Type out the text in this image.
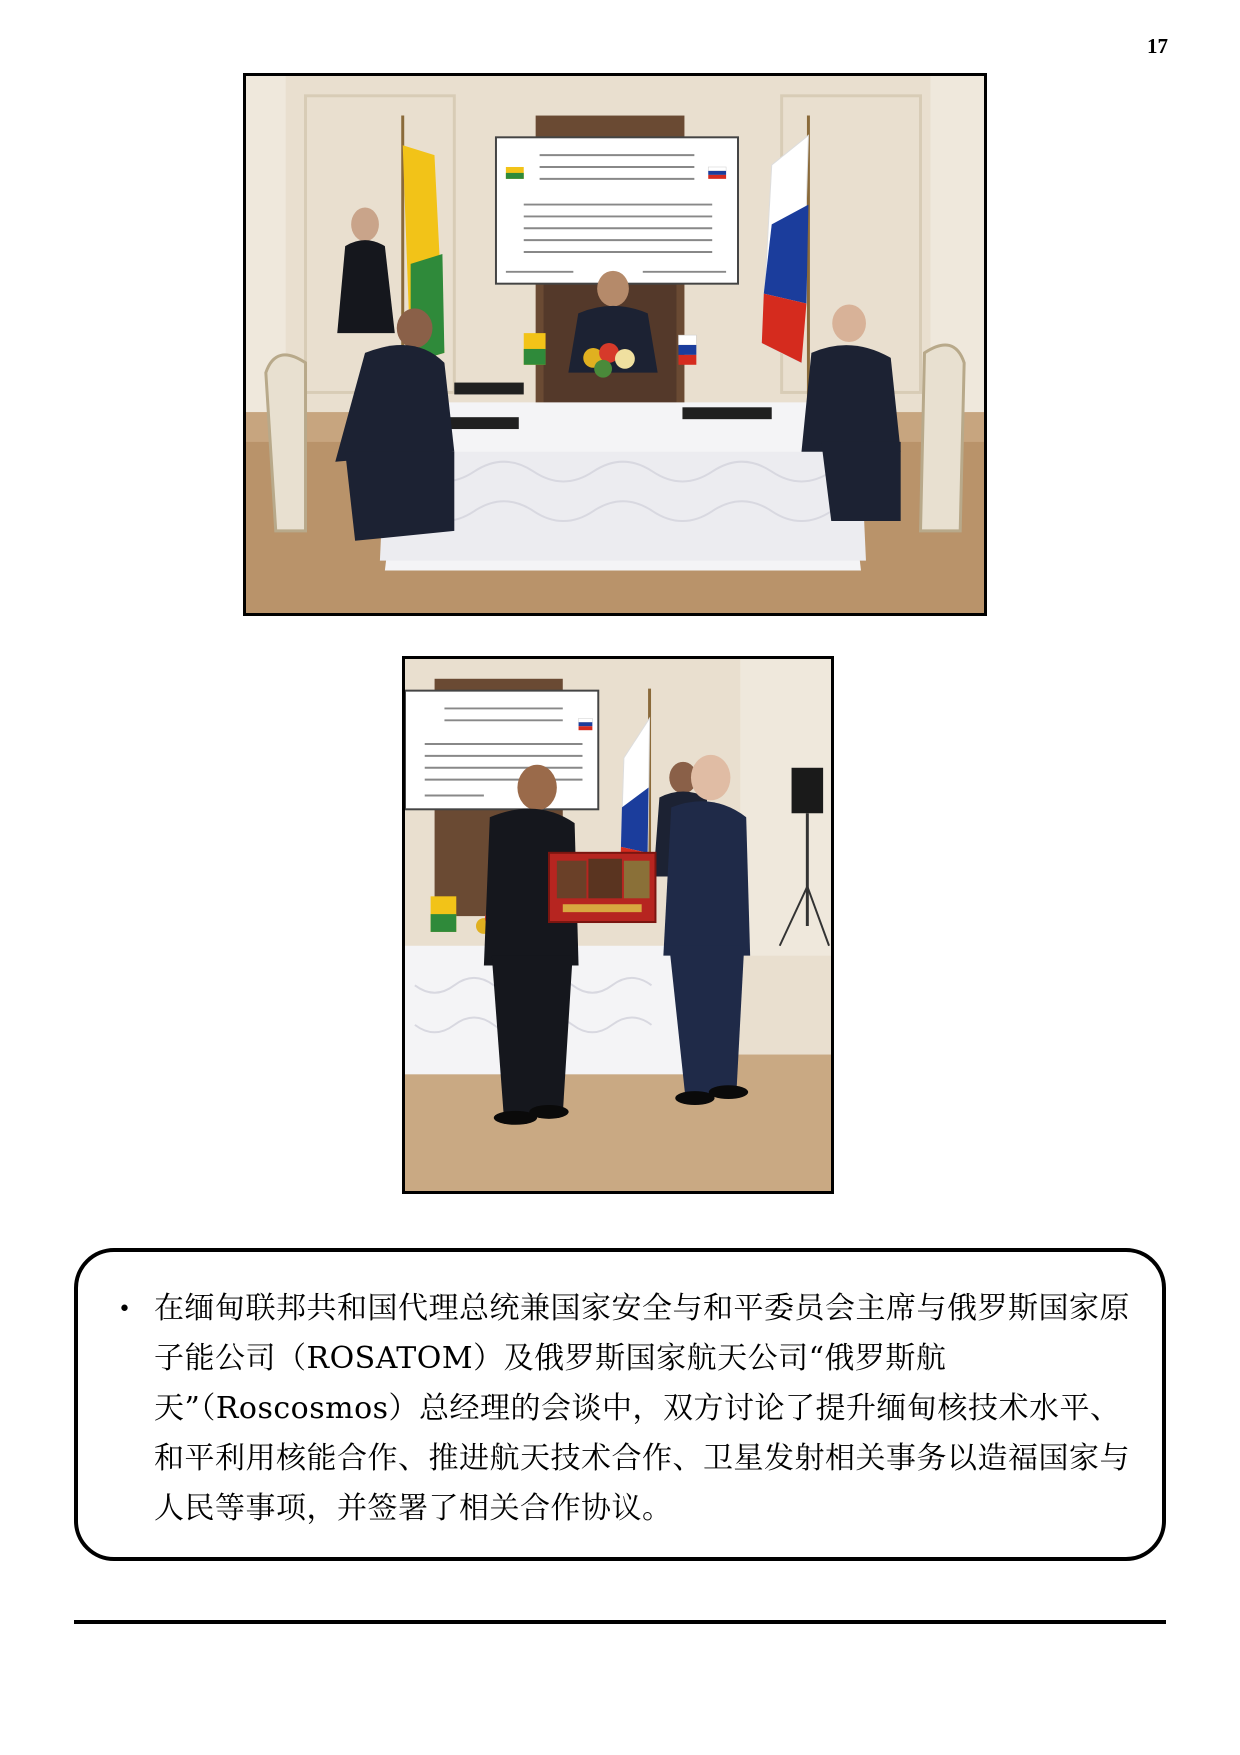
17
• 在缅甸联邦共和国代理总统兼国家安全与和平委员会主席与俄罗斯国家原子能公司（ROSATOM）及俄罗斯国家航天公司“俄罗斯航天”（Roscosmos）总经理的会谈中，双方讨论了提升缅甸核技术水平、和平利用核能合作、推进航天技术合作、卫星发射相关事务以造福国家与人民等事项，并签署了相关合作协议。
